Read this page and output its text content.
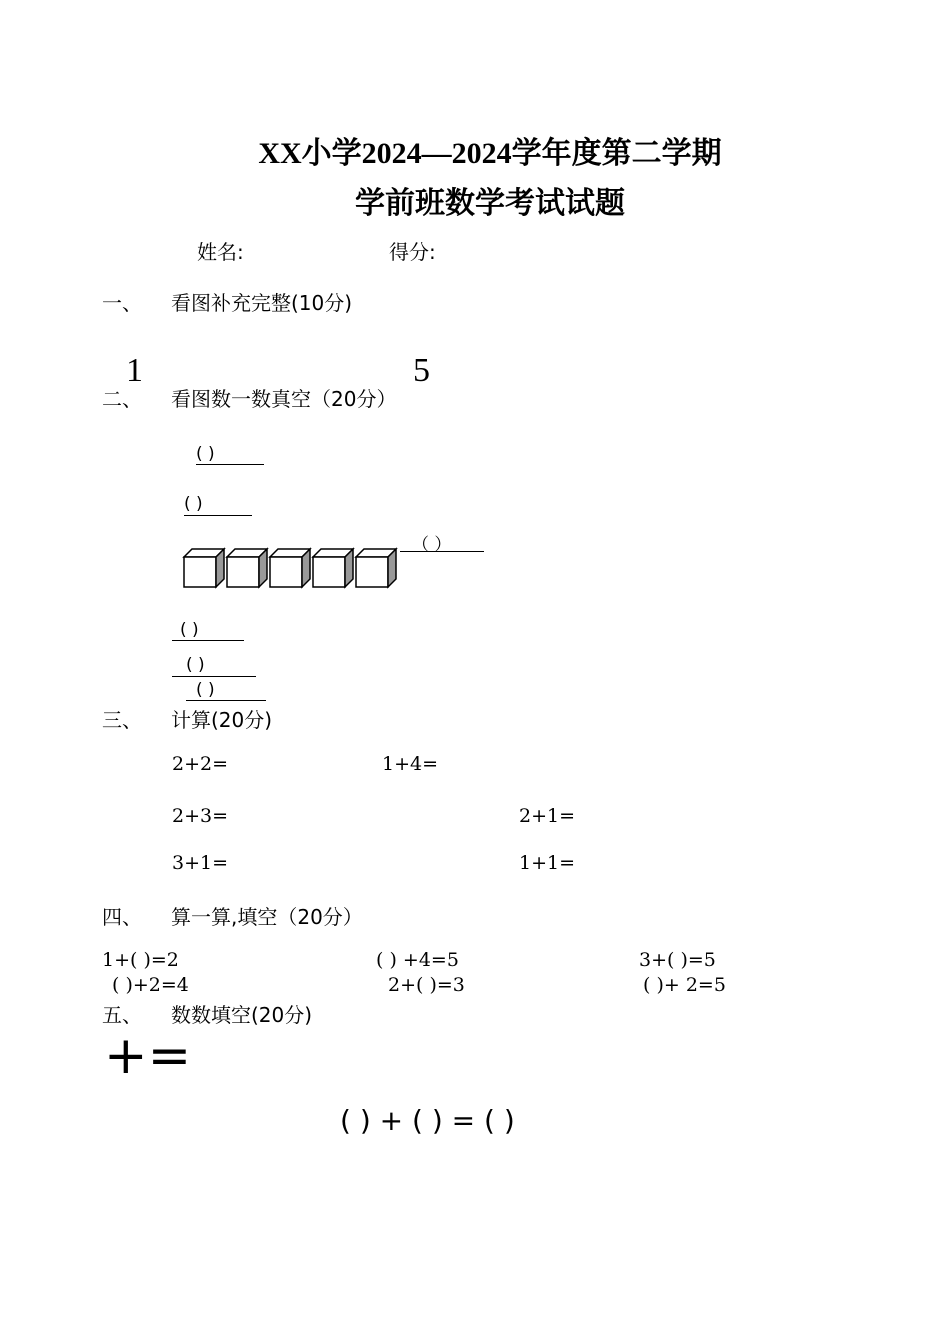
XX小学2024—2024学年度第二学期
学前班数学考试试题
姓名:	得分:
一、 看图补充完整(10分)
1	5
二、 看图数一数真空（20分）
( )
( )
（ ）
( )
( )
( )
三、 计算(20分)
2+2=	1+4=
2+3=	2+1=
3+1=	1+1=
四、 算一算,填空（20分）
1+( )=2	( ) +4=5	3+( )=5
( )+2=4	2+( )=3	( )+ 2=5
五、 数数填空(20分)
+=
( ) + ( ) = ( )
